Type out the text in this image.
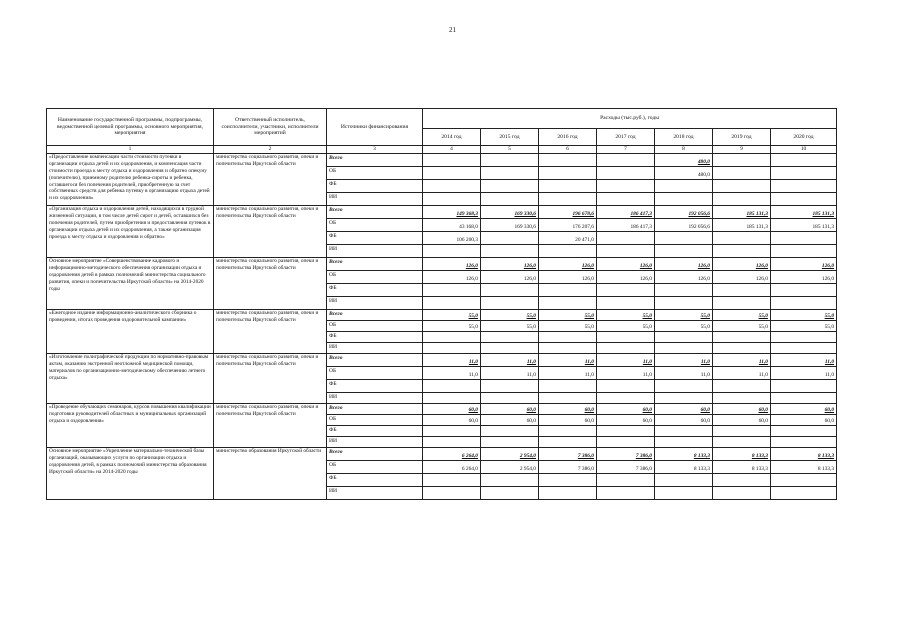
21
Наименование государственной программы, подпрограммы, ведомственной целевой программы, основного мероприятия, мероприятия	Ответственный исполнитель, соисполнители, участники, исполнители мероприятий	Источники финансирования	Расходы (тыс.руб.), годы						
			2014 год	2015 год	2016 год	2017 год	2018 год	2019 год	2020 год
1	2	3	4	5	6	7	8	9	10
«Предоставление компенсации части стоимости путевки в организации отдыха детей и их оздоровления, и компенсация части стоимости проезда к месту отдыха и оздоровления и обратно опекуну (попечителю), приемному родителю ребенка-сироты и ребенка, оставшегося без попечения родителей, приобретенную за счет собственных средств для ребенка путевку в организацию отдыха детей и их оздоровления»	министерство социального развития, опеки и попечительства Иркутской области	Всего					480,0		
		ОБ					480,0		
		ФБ							
		ИИ							
«Организация отдыха и оздоровления детей, находящихся в трудной жизненной ситуации, в том числе детей сирот и детей, оставшихся без попечения родителей, путем приобретения и предоставления путевок в организации отдыха детей и их оздоровления, а также организация проезда к месту отдыха и оздоровления и обратно»	министерство социального развития, опеки и попечительства Иркутской области	Всего	149 368,3	169 330,6	196 678,6	186 417,3	192 056,6	185 131,3	185 131,3
		ОБ	43 168,0	169 330,6	176 207,6	186 417,3	192 056,6	185 131,3	185 131,3
		ФБ	106 200,3		20 471,0				
		ИИ							
Основное мероприятие «Совершенствование кадрового и информационно-методического обеспечения организации отдыха и оздоровления детей в рамках полномочий министерства социального развития, опеки и попечительства Иркутской области» на 2014-2020 годы	министерство социального развития, опеки и попечительства Иркутской области	Всего	126,0	126,0	126,0	126,0	126,0	126,0	126,0
		ОБ	126,0	126,0	126,0	126,0	126,0	126,0	126,0
		ФБ							
		ИИ							
«Ежегодное издание информационно-аналитического сборника о проведении, итогах проведения оздоровительной кампании»	министерство социального развития, опеки и попечительства Иркутской области	Всего	55,0	55,0	55,0	55,0	55,0	55,0	55,0
		ОБ	55,0	55,0	55,0	55,0	55,0	55,0	55,0
		ФБ							
		ИИ							
«Изготовление полиграфической продукции по нормативно-правовым актам, оказанию экстренной неотложной медицинской помощи, материалов по организационно-методическому обеспечению летнего отдыха»	министерство социального развития, опеки и попечительства Иркутской области	Всего	11,0	11,0	11,0	11,0	11,0	11,0	11,0
		ОБ	11,0	11,0	11,0	11,0	11,0	11,0	11,0
		ФБ							
		ИИ							
«Проведение обучающих семинаров, курсов повышения квалификации подготовки руководителей областных и муниципальных организаций отдыха и оздоровления»	министерство социального развития, опеки и попечительства Иркутской области	Всего	60,0	60,0	60,0	60,0	60,0	60,0	60,0
		ОБ	60,0	60,0	60,0	60,0	60,0	60,0	60,0
		ФБ							
		ИИ							
Основное мероприятие «Укрепление материально-технической базы организаций, оказывающих услуги по организации отдыха и оздоровления детей, в рамках полномочий министерства образования Иркутской области» на 2014-2020 годы	министерство образования Иркутской области	Всего	6 264,0	2 954,0	7 386,0	7 386,0	8 133,3	8 133,3	8 133,3
		ОБ	6 264,0	2 954,0	7 386,0	7 386,0	8 133,3	8 133,3	8 133,3
		ФБ							
		ИИ							
